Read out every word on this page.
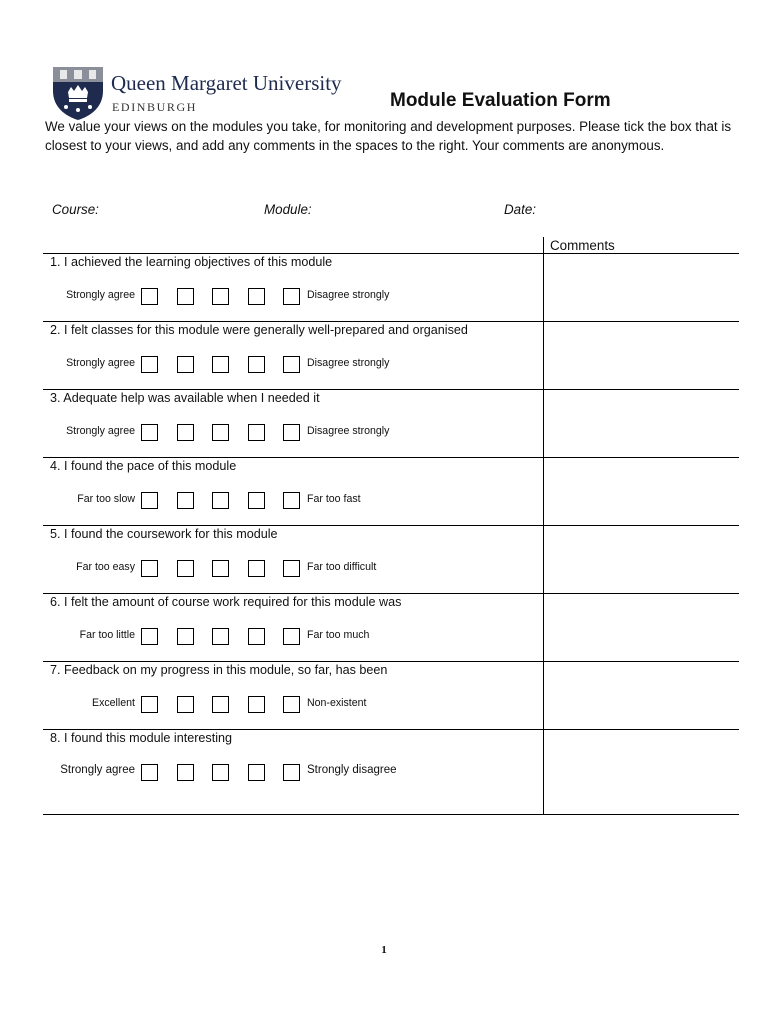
Queen Margaret University
EDINBURGH	Module Evaluation Form

We value your views on the modules you take, for monitoring and development purposes. Please tick the box that is closest to your views, and add any comments in the spaces to the right. Your comments are anonymous.

Course:	Module:	Date:
Comments
1. I achieved the learning objectives of this module
Strongly agree	Disagree strongly
2. I felt classes for this module were generally well-prepared and organised
Strongly agree	Disagree strongly
3. Adequate help was available when I needed it
Strongly agree	Disagree strongly
4. I found the pace of this module
Far too slow	Far too fast
5. I found the coursework for this module
Far too easy	Far too difficult
6. I felt the amount of course work required for this module was
Far too little	Far too much
7. Feedback on my progress in this module, so far, has been
Excellent	Non-existent
8. I found this module interesting
Strongly agree	Strongly disagree
1
